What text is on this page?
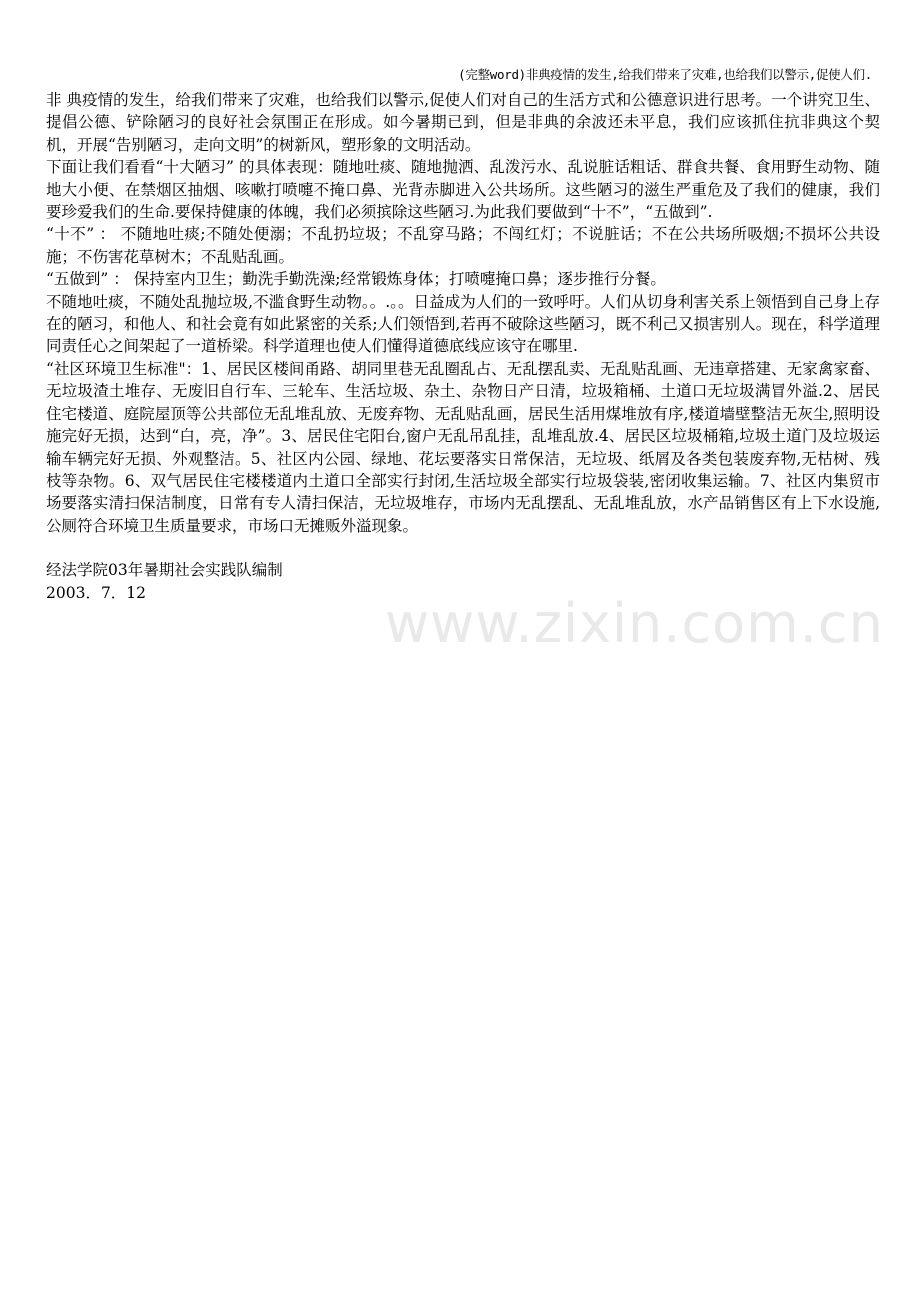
(完整word)非典疫情的发生,给我们带来了灾难,也给我们以警示,促使人们.
www.zixin.com.cn

非 典疫情的发生，给我们带来了灾难，也给我们以警示,促使人们对自己的生活方式和公德意识进行思考。一个讲究卫生、提倡公德、铲除陋习的良好社会氛围正在形成。如今暑期已到，但是非典的余波还未平息，我们应该抓住抗非典这个契机，开展“告别陋习，走向文明”的树新风，塑形象的文明活动。

下面让我们看看“十大陋习” 的具体表现：随地吐痰、随地抛洒、乱泼污水、乱说脏话粗话、群食共餐、食用野生动物、随地大小便、在禁烟区抽烟、咳嗽打喷嚏不掩口鼻、光背赤脚进入公共场所。这些陋习的滋生严重危及了我们的健康，我们要珍爱我们的生命.要保持健康的体魄，我们必须摈除这些陋习.为此我们要做到“十不”，“五做到”.

“十不” ： 不随地吐痰;不随处便溺；不乱扔垃圾；不乱穿马路；不闯红灯；不说脏话；不在公共场所吸烟;不损坏公共设施；不伤害花草树木；不乱贴乱画。

“五做到” ： 保持室内卫生；勤洗手勤洗澡;经常锻炼身体；打喷嚏掩口鼻；逐步推行分餐。

不随地吐痰，不随处乱抛垃圾,不滥食野生动物。。.。。日益成为人们的一致呼吁。人们从切身利害关系上领悟到自己身上存在的陋习，和他人、和社会竟有如此紧密的关系;人们领悟到,若再不破除这些陋习，既不利己又损害别人。现在，科学道理同责任心之间架起了一道桥梁。科学道理也使人们懂得道德底线应该守在哪里.

“社区环境卫生标准"：1、居民区楼间甬路、胡同里巷无乱圈乱占、无乱摆乱卖、无乱贴乱画、无违章搭建、无家禽家畜、无垃圾渣土堆存、无废旧自行车、三轮车、生活垃圾、杂土、杂物日产日清，垃圾箱桶、土道口无垃圾满冒外溢.2、居民住宅楼道、庭院屋顶等公共部位无乱堆乱放、无废弃物、无乱贴乱画，居民生活用煤堆放有序,楼道墙壁整洁无灰尘,照明设施完好无损，达到“白，亮，净”。3、居民住宅阳台,窗户无乱吊乱挂，乱堆乱放.4、居民区垃圾桶箱,垃圾土道门及垃圾运输车辆完好无损、外观整洁。5、社区内公园、绿地、花坛要落实日常保洁，无垃圾、纸屑及各类包装废弃物,无枯树、残枝等杂物。6、双气居民住宅楼楼道内土道口全部实行封闭,生活垃圾全部实行垃圾袋装,密闭收集运输。7、社区内集贸市场要落实清扫保洁制度，日常有专人清扫保洁，无垃圾堆存，市场内无乱摆乱、无乱堆乱放，水产品销售区有上下水设施,公厕符合环境卫生质量要求，市场口无摊贩外溢现象。

经法学院03年暑期社会实践队编制

2003．7．12
